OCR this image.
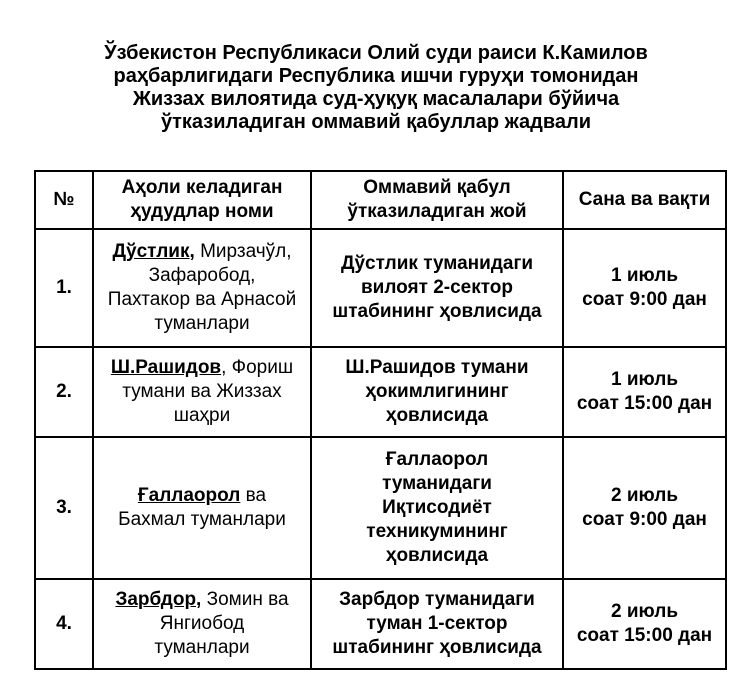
Ўзбекистон Республикаси Олий суди раиси К.Камилов
раҳбарлигидаги Республика ишчи гуруҳи томонидан
Жиззах вилоятида суд-ҳуқуқ масалалари бўйича
ўтказиладиган оммавий қабуллар жадвали
№	Аҳоли келадиган
ҳудудлар номи	Оммавий қабул
ўтказиладиган жой	Сана ва вақти
1.	Дўстлик, Мирзачўл,
Зафаробод,
Пахтакор ва Арнасой
туманлари	Дўстлик туманидаги
вилоят 2-сектор
штабининг ҳовлисида	1 июль
соат 9:00 дан
2.	Ш.Рашидов, Фориш
тумани ва Жиззах
шаҳри	Ш.Рашидов тумани
ҳокимлигининг
ҳовлисида	1 июль
соат 15:00 дан
3.	Ғаллаорол ва
Бахмал туманлари	Ғаллаорол
туманидаги
Иқтисодиёт
техникумининг
ҳовлисида	2 июль
соат 9:00 дан
4.	Зарбдор, Зомин ва
Янгиобод
туманлари	Зарбдор туманидаги
туман 1-сектор
штабининг ҳовлисида	2 июль
соат 15:00 дан
